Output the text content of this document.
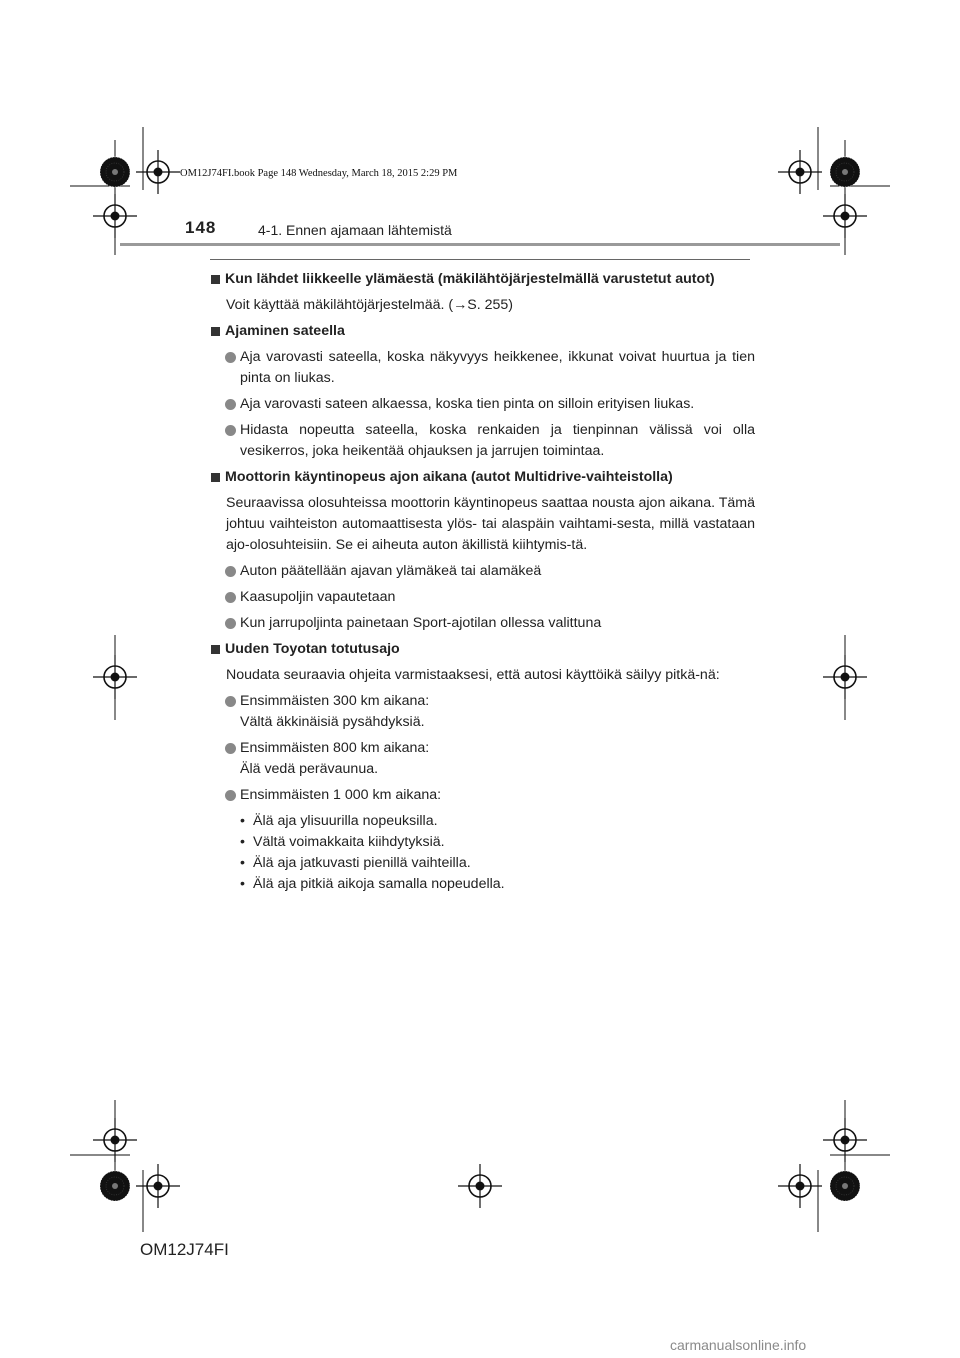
OM12J74FI.book Page 148 Wednesday, March 18, 2015 2:29 PM
148	4-1. Ennen ajamaan lähtemistä
Kun lähdet liikkeelle ylämäestä (mäkilähtöjärjestelmällä varustetut autot)
Voit käyttää mäkilähtöjärjestelmää. (→S. 255)
Ajaminen sateella
Aja varovasti sateella, koska näkyvyys heikkenee, ikkunat voivat huurtua ja tien pinta on liukas.
Aja varovasti sateen alkaessa, koska tien pinta on silloin erityisen liukas.
Hidasta nopeutta sateella, koska renkaiden ja tienpinnan välissä voi olla vesikerros, joka heikentää ohjauksen ja jarrujen toimintaa.
Moottorin käyntinopeus ajon aikana (autot Multidrive-vaihteistolla)
Seuraavissa olosuhteissa moottorin käyntinopeus saattaa nousta ajon aikana. Tämä johtuu vaihteiston automaattisesta ylös- tai alaspäin vaihtami-sesta, millä vastataan ajo-olosuhteisiin. Se ei aiheuta auton äkillistä kiihtymis-tä.
Auton päätellään ajavan ylämäkeä tai alamäkeä
Kaasupoljin vapautetaan
Kun jarrupoljinta painetaan Sport-ajotilan ollessa valittuna
Uuden Toyotan totutusajo
Noudata seuraavia ohjeita varmistaaksesi, että autosi käyttöikä säilyy pitkä-nä:
Ensimmäisten 300 km aikana:
Vältä äkkinäisiä pysähdyksiä.
Ensimmäisten 800 km aikana:
Älä vedä perävaunua.
Ensimmäisten 1 000 km aikana:
• Älä aja ylisuurilla nopeuksilla.
• Vältä voimakkaita kiihdytyksiä.
• Älä aja jatkuvasti pienillä vaihteilla.
• Älä aja pitkiä aikoja samalla nopeudella.
OM12J74FI
carmanualsonline.info
